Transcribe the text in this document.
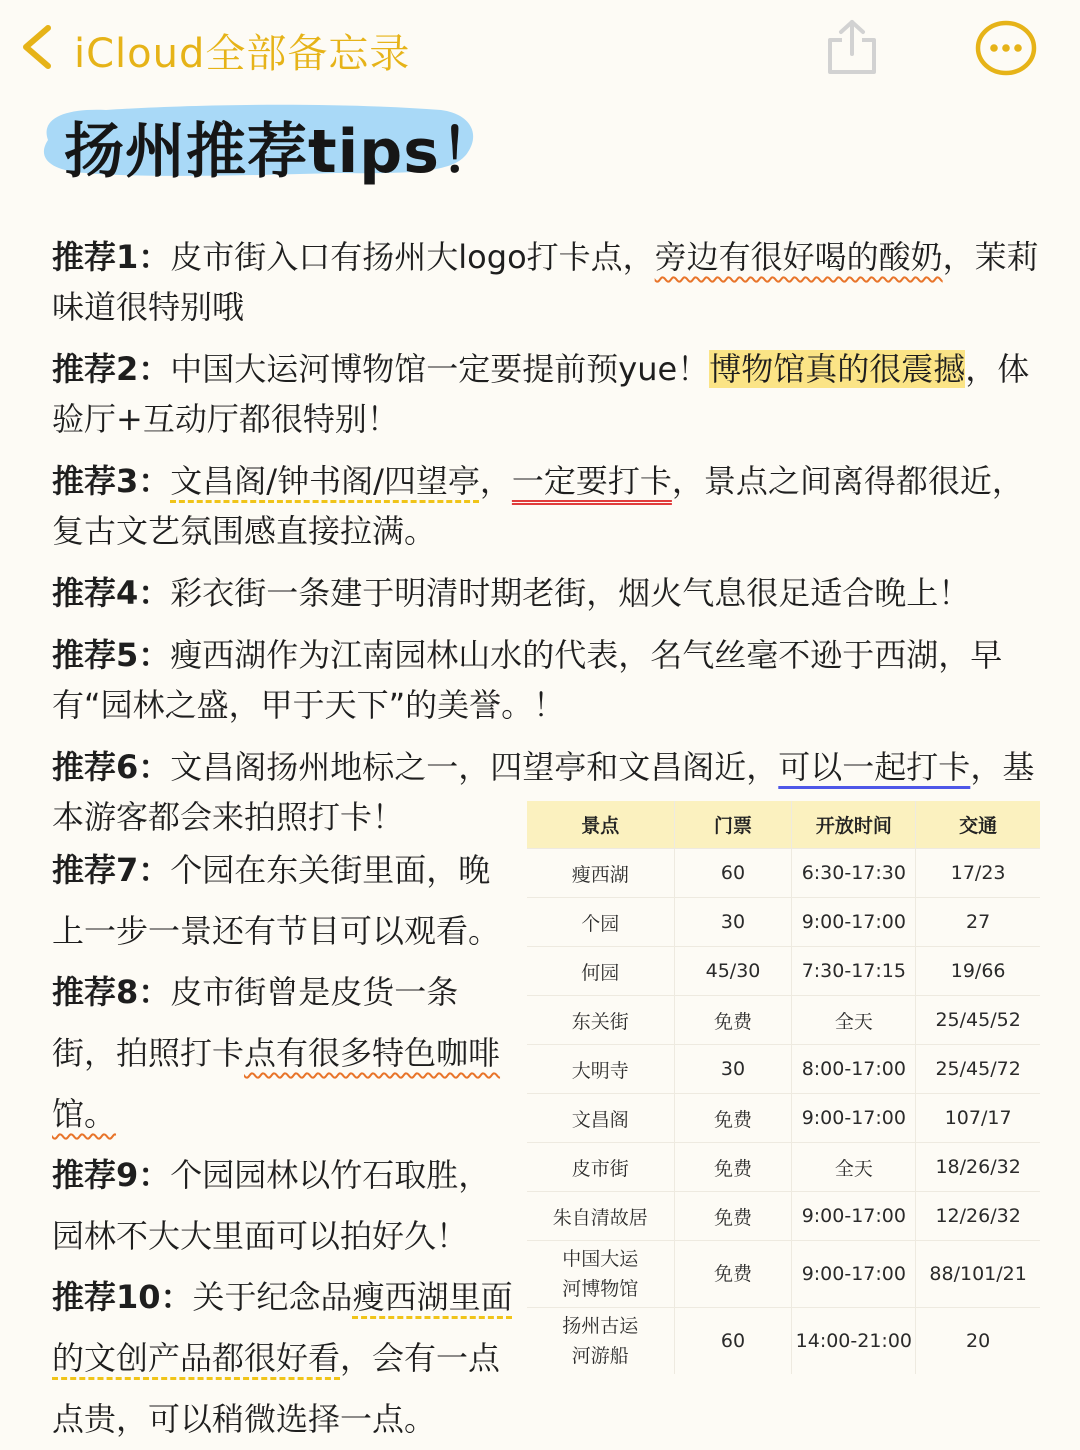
iCloud全部备忘录
扬州推荐tips！

推荐1：皮市街入口有扬州大logo打卡点，旁边有很好喝的酸奶，茉莉味道很特别哦

推荐2：中国大运河博物馆一定要提前预yue！博物馆真的很震撼，体验厅+互动厅都很特别！

推荐3：文昌阁/钟书阁/四望亭，一定要打卡，景点之间离得都很近，复古文艺氛围感直接拉满。

推荐4：彩衣街一条建于明清时期老街，烟火气息很足适合晚上！

推荐5：瘦西湖作为江南园林山水的代表，名气丝毫不逊于西湖，早有“园林之盛，甲于天下”的美誉。！

推荐6：文昌阁扬州地标之一，四望亭和文昌阁近，可以一起打卡，基本游客都会来拍照打卡！

推荐7：个园在东关街里面，晚上一步一景还有节目可以观看。
推荐8：皮市街曾是皮货一条街，拍照打卡点有很多特色咖啡馆。
推荐9：个园园林以竹石取胜，园林不大大里面可以拍好久！
推荐10：关于纪念品瘦西湖里面的文创产品都很好看，会有一点点贵，可以稍微选择一点。
景点	门票	开放时间	交通
瘦西湖	60	6:30-17:30	17/23
个园	30	9:00-17:00	27
何园	45/30	7:30-17:15	19/66
东关街	免费	全天	25/45/52
大明寺	30	8:00-17:00	25/45/72
文昌阁	免费	9:00-17:00	107/17
皮市街	免费	全天	18/26/32
朱自清故居	免费	9:00-17:00	12/26/32
中国大运河博物馆	免费	9:00-17:00	88/101/21
扬州古运河游船	60	14:00-21:00	20
